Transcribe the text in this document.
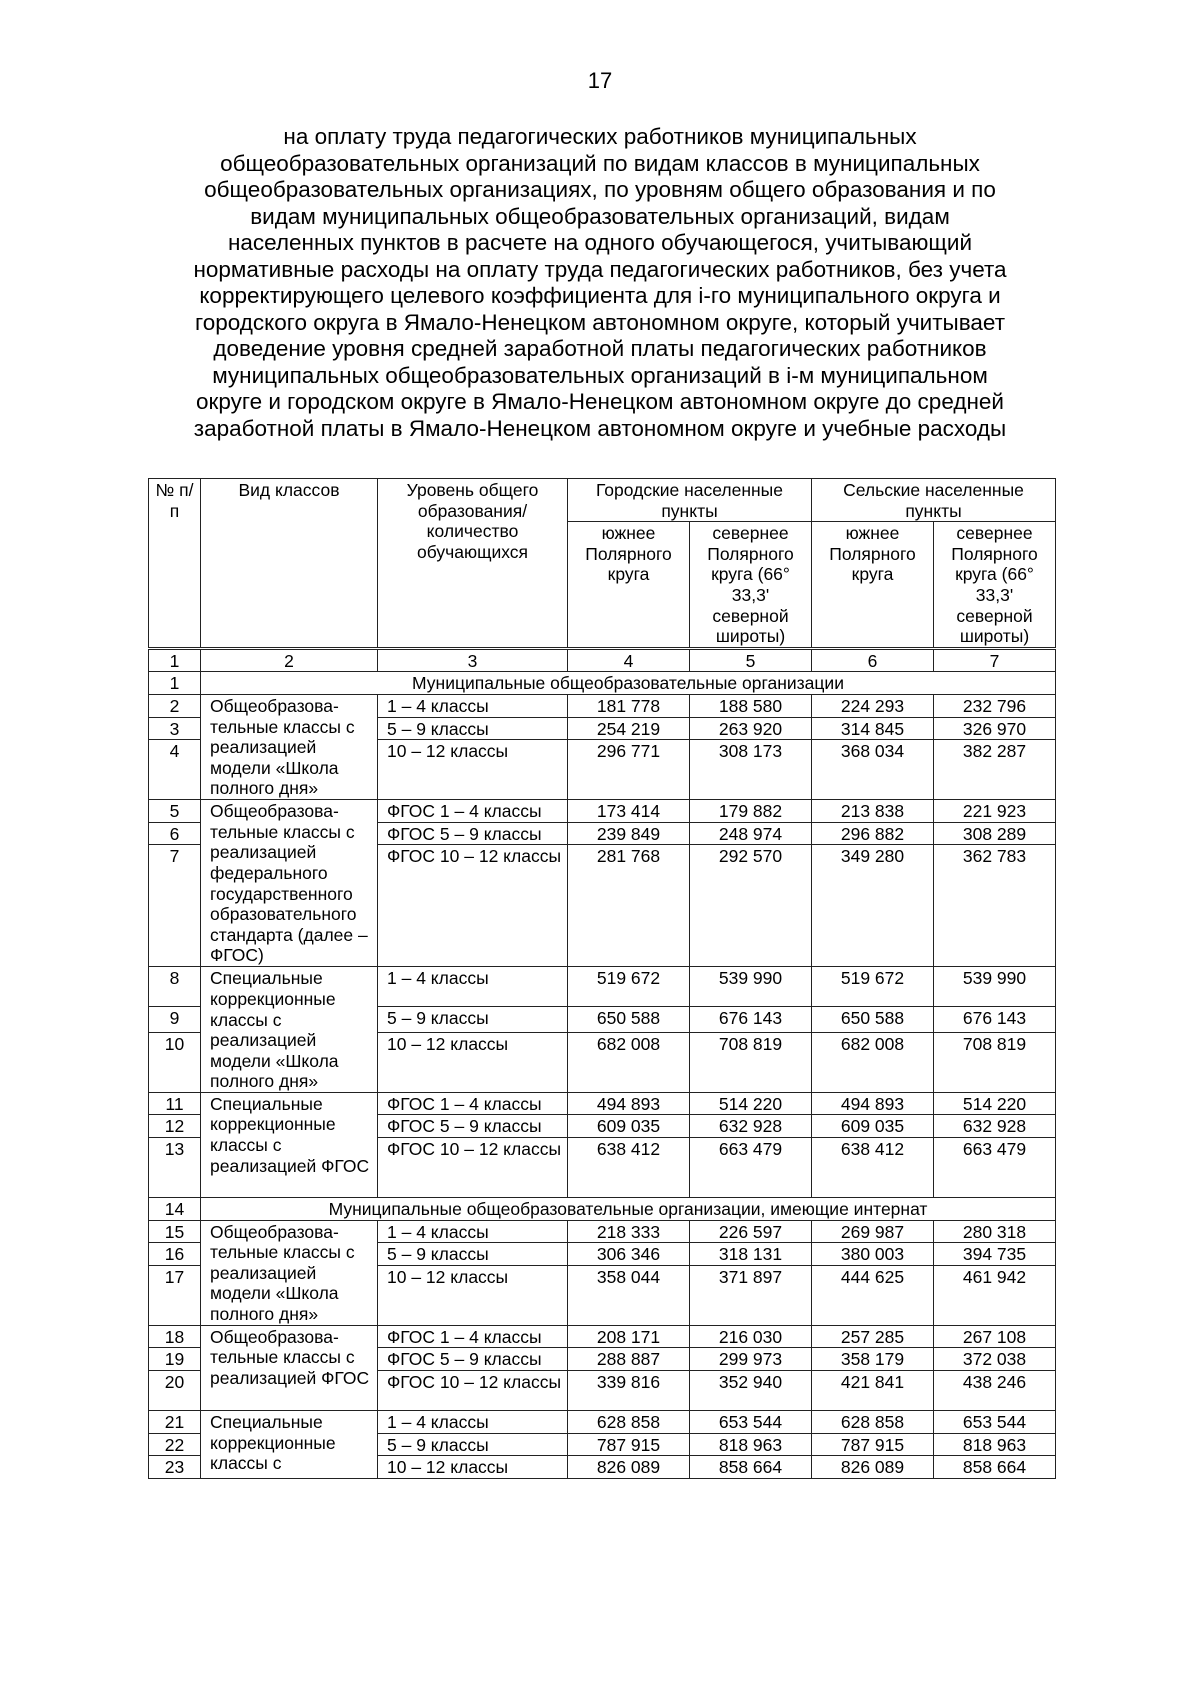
17
на оплату труда педагогических работников муниципальных
общеобразовательных организаций по видам классов в муниципальных
общеобразовательных организациях, по уровням общего образования и по
видам муниципальных общеобразовательных организаций, видам
населенных пунктов в расчете на одного обучающегося, учитывающий
нормативные расходы на оплату труда педагогических работников, без учета
корректирующего целевого коэффициента для i-го муниципального округа и
городского округа в Ямало-Ненецком автономном округе, который учитывает
доведение уровня средней заработной платы педагогических работников
муниципальных общеобразовательных организаций в i-м муниципальном
округе и городском округе в Ямало-Ненецком автономном округе до средней
заработной платы в Ямало-Ненецком автономном округе и учебные расходы
№ п/п	Вид классов	Уровень общего образования/ количество обучающихся	Городские населенные пункты		Сельские населенные пункты	
			южнее Полярного круга	севернее Полярного круга (66° 33,3' северной широты)	южнее Полярного круга	севернее Полярного круга (66° 33,3' северной широты)
1	2	3	4	5	6	7
1	Муниципальные общеобразовательные организации					
2	Общеобразова-тельные классы с реализацией модели «Школа полного дня»	1 – 4 классы	181 778	188 580	224 293	232 796
3		5 – 9 классы	254 219	263 920	314 845	326 970
4		10 – 12 классы	296 771	308 173	368 034	382 287
5	Общеобразова-тельные классы с реализацией федерального государственного образовательного стандарта (далее – ФГОС)	ФГОС 1 – 4 классы	173 414	179 882	213 838	221 923
6		ФГОС 5 – 9 классы	239 849	248 974	296 882	308 289
7		ФГОС 10 – 12 классы	281 768	292 570	349 280	362 783
8	Специальные коррекционные классы с реализацией модели «Школа полного дня»	1 – 4 классы	519 672	539 990	519 672	539 990
9		5 – 9 классы	650 588	676 143	650 588	676 143
10		10 – 12 классы	682 008	708 819	682 008	708 819
11	Специальные коррекционные классы с реализацией ФГОС	ФГОС 1 – 4 классы	494 893	514 220	494 893	514 220
12		ФГОС 5 – 9 классы	609 035	632 928	609 035	632 928
13		ФГОС 10 – 12 классы	638 412	663 479	638 412	663 479
14	Муниципальные общеобразовательные организации, имеющие интернат					
15	Общеобразова-тельные классы с реализацией модели «Школа полного дня»	1 – 4 классы	218 333	226 597	269 987	280 318
16		5 – 9 классы	306 346	318 131	380 003	394 735
17		10 – 12 классы	358 044	371 897	444 625	461 942
18	Общеобразова-тельные классы с реализацией ФГОС	ФГОС 1 – 4 классы	208 171	216 030	257 285	267 108
19		ФГОС 5 – 9 классы	288 887	299 973	358 179	372 038
20		ФГОС 10 – 12 классы	339 816	352 940	421 841	438 246
21	Специальные коррекционные классы с	1 – 4 классы	628 858	653 544	628 858	653 544
22		5 – 9 классы	787 915	818 963	787 915	818 963
23		10 – 12 классы	826 089	858 664	826 089	858 664
